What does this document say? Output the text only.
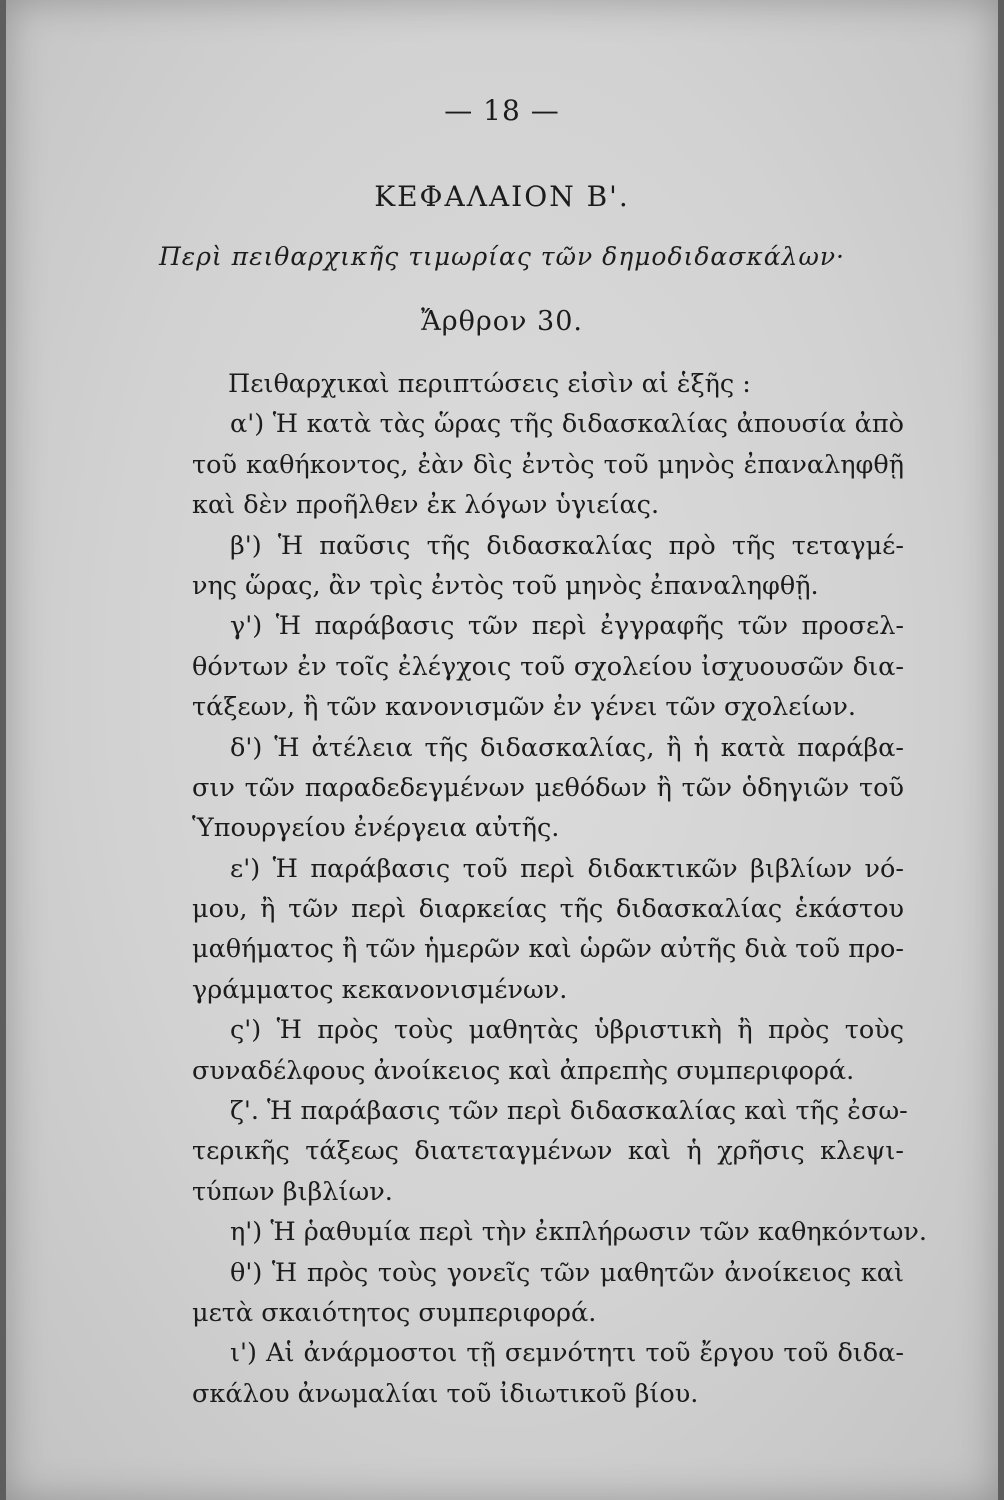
— 18 —
ΚΕΦΑΛΑΙΟΝ Β'.
Περὶ πειθαρχικῆς τιμωρίας τῶν δημοδιδασκάλων·
Ἄρθρον 30.
Πειθαρχικαὶ περιπτώσεις εἰσὶν αἱ ἑξῆς :
α') Ἡ κατὰ τὰς ὥρας τῆς διδασκαλίας ἀπουσία ἀπὸ
τοῦ καθήκοντος, ἐὰν δὶς ἐντὸς τοῦ μηνὸς ἐπαναληφθῇ
καὶ δὲν προῆλθεν ἐκ λόγων ὑγιείας.
β') Ἡ παῦσις τῆς διδασκαλίας πρὸ τῆς τεταγμέ-
νης ὥρας, ἂν τρὶς ἐντὸς τοῦ μηνὸς ἐπαναληφθῇ.
γ') Ἡ παράβασις τῶν περὶ ἐγγραφῆς τῶν προσελ-
θόντων ἐν τοῖς ἐλέγχοις τοῦ σχολείου ἰσχυουσῶν δια-
τάξεων, ἢ τῶν κανονισμῶν ἐν γένει τῶν σχολείων.
δ') Ἡ ἀτέλεια τῆς διδασκαλίας, ἢ ἡ κατὰ παράβα-
σιν τῶν παραδεδεγμένων μεθόδων ἢ τῶν ὁδηγιῶν τοῦ
Ὑπουργείου ἐνέργεια αὐτῆς.
ε') Ἡ παράβασις τοῦ περὶ διδακτικῶν βιβλίων νό-
μου, ἢ τῶν περὶ διαρκείας τῆς διδασκαλίας ἑκάστου
μαθήματος ἢ τῶν ἡμερῶν καὶ ὡρῶν αὐτῆς διὰ τοῦ προ-
γράμματος κεκανονισμένων.
ς') Ἡ πρὸς τοὺς μαθητὰς ὑβριστικὴ ἢ πρὸς τοὺς
συναδέλφους ἀνοίκειος καὶ ἀπρεπὴς συμπεριφορά.
ζ'. Ἡ παράβασις τῶν περὶ διδασκαλίας καὶ τῆς ἐσω-
τερικῆς τάξεως διατεταγμένων καὶ ἡ χρῆσις κλεψι-
τύπων βιβλίων.
η') Ἡ ῥαθυμία περὶ τὴν ἐκπλήρωσιν τῶν καθηκόντων.
θ') Ἡ πρὸς τοὺς γονεῖς τῶν μαθητῶν ἀνοίκειος καὶ
μετὰ σκαιότητος συμπεριφορά.
ι') Αἱ ἀνάρμοστοι τῇ σεμνότητι τοῦ ἔργου τοῦ διδα-
σκάλου ἀνωμαλίαι τοῦ ἰδιωτικοῦ βίου.
